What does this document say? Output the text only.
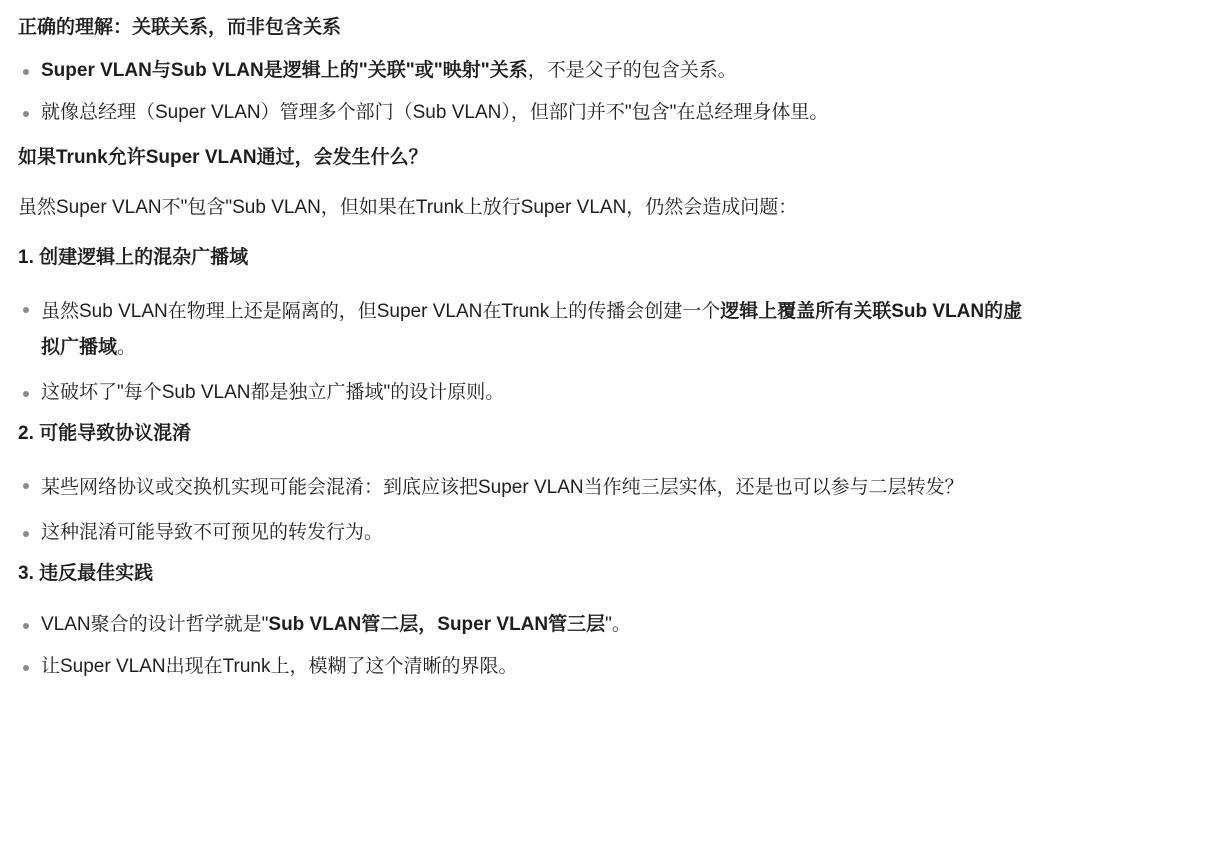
正确的理解：关联关系，而非包含关系

Super VLAN与Sub VLAN是逻辑上的"关联"或"映射"关系，不是父子的包含关系。
就像总经理（Super VLAN）管理多个部门（Sub VLAN），但部门并不"包含"在总经理身体里。

如果Trunk允许Super VLAN通过，会发生什么？

虽然Super VLAN不"包含"Sub VLAN，但如果在Trunk上放行Super VLAN，仍然会造成问题：

1. 创建逻辑上的混杂广播域

虽然Sub VLAN在物理上还是隔离的，但Super VLAN在Trunk上的传播会创建一个逻辑上覆盖所有关联Sub VLAN的虚拟广播域。
这破坏了"每个Sub VLAN都是独立广播域"的设计原则。

2. 可能导致协议混淆

某些网络协议或交换机实现可能会混淆：到底应该把Super VLAN当作纯三层实体，还是也可以参与二层转发？
这种混淆可能导致不可预见的转发行为。

3. 违反最佳实践

VLAN聚合的设计哲学就是"Sub VLAN管二层，Super VLAN管三层"。
让Super VLAN出现在Trunk上，模糊了这个清晰的界限。
